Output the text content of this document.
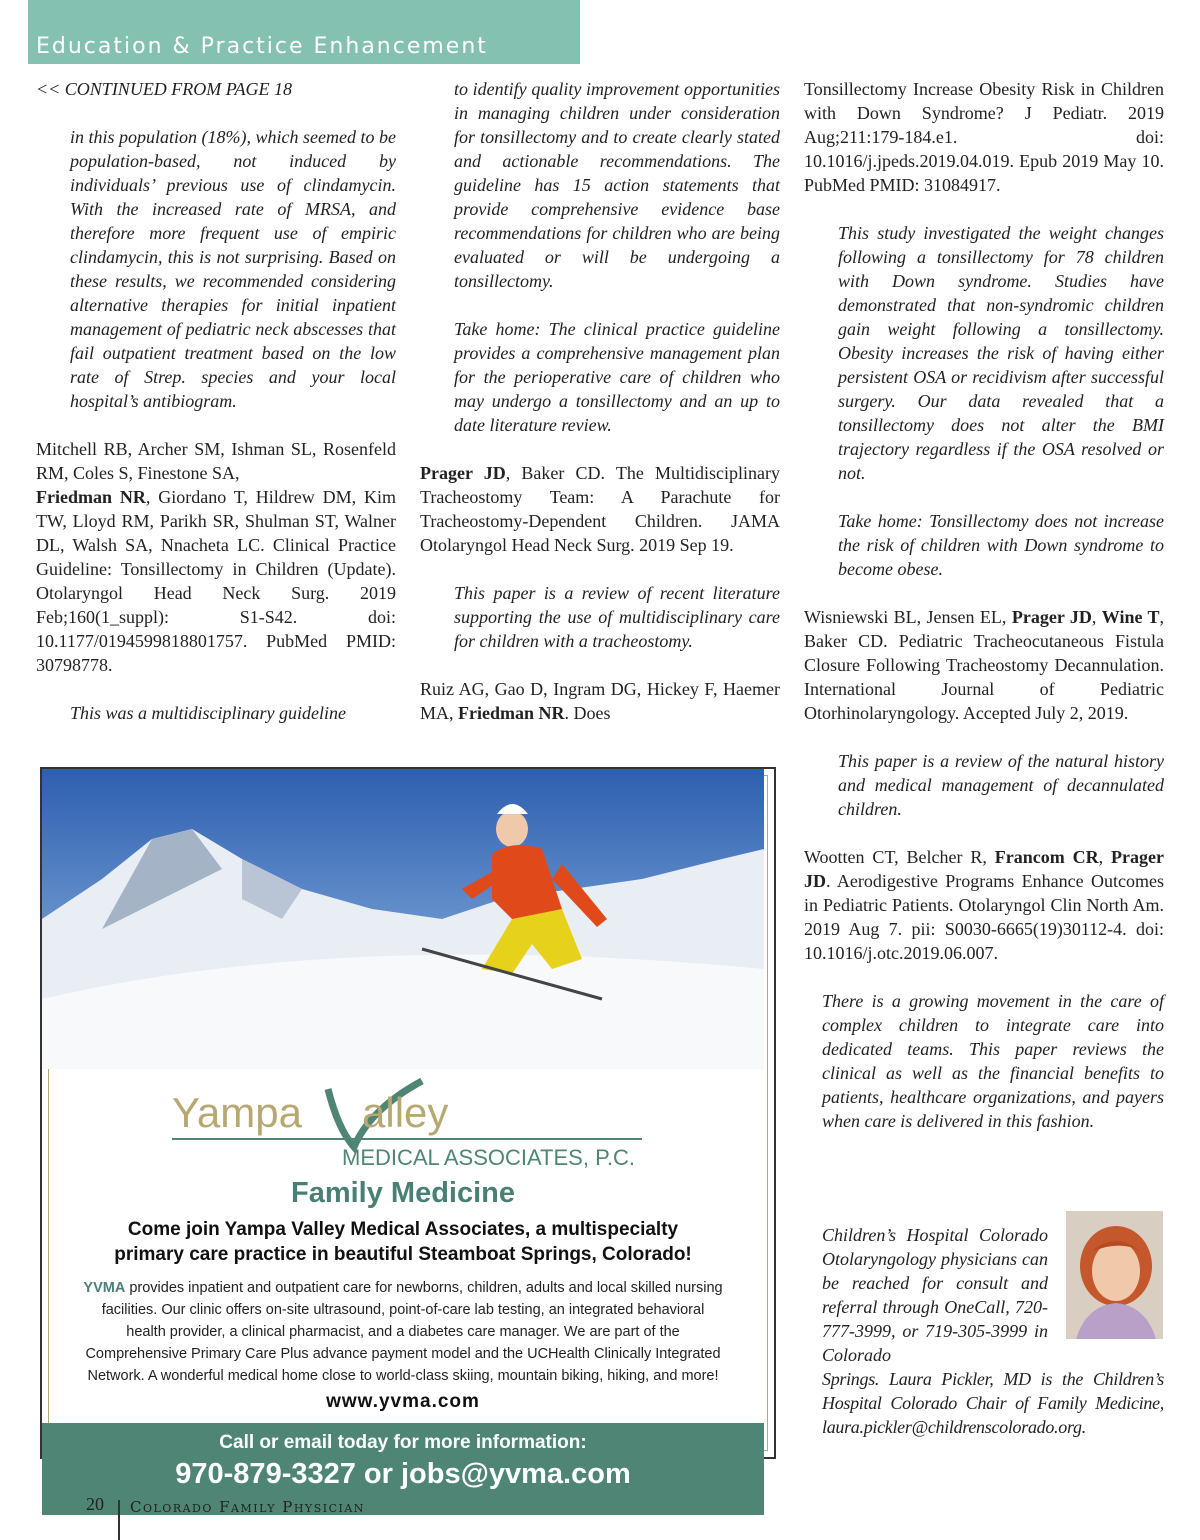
Education & Practice Enhancement

<< CONTINUED FROM PAGE 18

in this population (18%), which seemed to be population-based, not induced by individuals’ previous use of clindamycin. With the increased rate of MRSA, and therefore more frequent use of empiric clindamycin, this is not surprising. Based on these results, we recommended considering alternative therapies for initial inpatient management of pediatric neck abscesses that fail outpatient treatment based on the low rate of Strep. species and your local hospital’s antibiogram.

Mitchell RB, Archer SM, Ishman SL, Rosenfeld RM, Coles S, Finestone SA,
Friedman NR, Giordano T, Hildrew DM, Kim TW, Lloyd RM, Parikh SR, Shulman ST, Walner DL, Walsh SA, Nnacheta LC. Clinical Practice Guideline: Tonsillectomy in Children (Update). Otolaryngol Head Neck Surg. 2019 Feb;160(1_suppl): S1-S42. doi: 10.1177/0194599818801757. PubMed PMID: 30798778.

This was a multidisciplinary guideline

to identify quality improvement opportunities in managing children under consideration for tonsillectomy and to create clearly stated and actionable recommendations. The guideline has 15 action statements that provide comprehensive evidence base recommendations for children who are being evaluated or will be undergoing a tonsillectomy.

Take home: The clinical practice guideline provides a comprehensive management plan for the perioperative care of children who may undergo a tonsillectomy and an up to date literature review.

Prager JD, Baker CD. The Multidisciplinary Tracheostomy Team: A Parachute for Tracheostomy-Dependent Children. JAMA Otolaryngol Head Neck Surg. 2019 Sep 19.

This paper is a review of recent literature supporting the use of multidisciplinary care for children with a tracheostomy.

Ruiz AG, Gao D, Ingram DG, Hickey F, Haemer MA, Friedman NR. Does

Tonsillectomy Increase Obesity Risk in Children with Down Syndrome? J Pediatr. 2019 Aug;211:179-184.e1. doi: 10.1016/j.jpeds.2019.04.019. Epub 2019 May 10. PubMed PMID: 31084917.

This study investigated the weight changes following a tonsillectomy for 78 children with Down syndrome. Studies have demonstrated that non-syndromic children gain weight following a tonsillectomy. Obesity increases the risk of having either persistent OSA or recidivism after successful surgery. Our data revealed that a tonsillectomy does not alter the BMI trajectory regardless if the OSA resolved or not.

Take home: Tonsillectomy does not increase the risk of children with Down syndrome to become obese.

Wisniewski BL, Jensen EL, Prager JD, Wine T, Baker CD. Pediatric Tracheocutaneous Fistula Closure Following Tracheostomy Decannulation. International Journal of Pediatric Otorhinolaryngology. Accepted July 2, 2019.

This paper is a review of the natural history and medical management of decannulated children.

Wootten CT, Belcher R, Francom CR, Prager JD. Aerodigestive Programs Enhance Outcomes in Pediatric Patients. Otolaryngol Clin North Am. 2019 Aug 7. pii: S0030-6665(19)30112-4. doi: 10.1016/j.otc.2019.06.007.

There is a growing movement in the care of complex children to integrate care into dedicated teams. This paper reviews the clinical as well as the financial benefits to patients, healthcare organizations, and payers when care is delivered in this fashion.

Children’s Hospital Colorado Otolaryngology physicians can be reached for consult and referral through OneCall, 720-777-3999, or 719-305-3999 in Colorado
Springs. Laura Pickler, MD is the Children’s Hospital Colorado Chair of Family Medicine, laura.pickler@childrenscolorado.org.
Yampa alley
MEDICAL ASSOCIATES, P.C.
Family Medicine
Come join Yampa Valley Medical Associates, a multispecialty
primary care practice in beautiful Steamboat Springs, Colorado!
YVMA provides inpatient and outpatient care for newborns, children, adults and local skilled nursing facilities. Our clinic offers on-site ultrasound, point-of-care lab testing, an integrated behavioral health provider, a clinical pharmacist, and a diabetes care manager. We are part of the Comprehensive Primary Care Plus advance payment model and the UCHealth Clinically Integrated Network. A wonderful medical home close to world-class skiing, mountain biking, hiking, and more!
www.yvma.com
Call or email today for more information:
970-879-3327 or jobs@yvma.com
20 Colorado Family Physician
